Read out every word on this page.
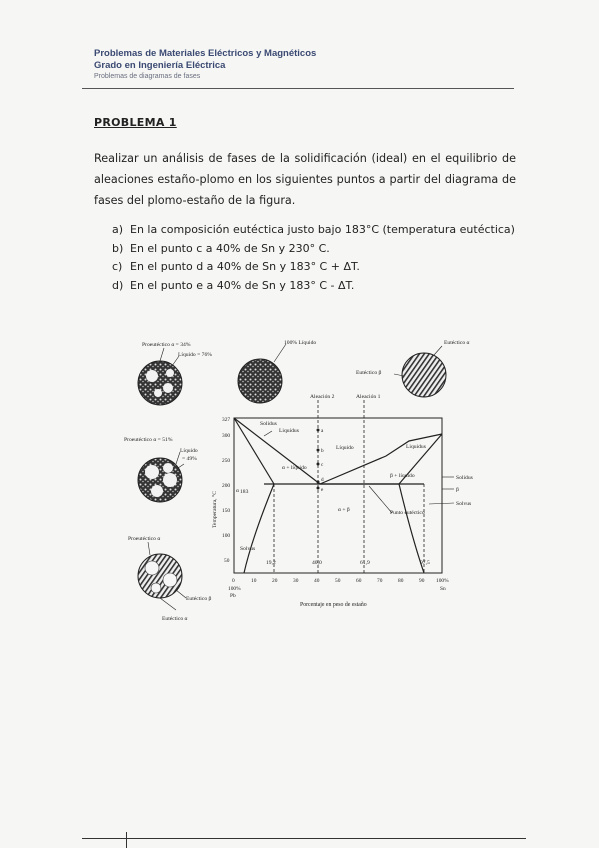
Problemas de Materiales Eléctricos y Magnéticos
Grado en Ingeniería Eléctrica
Problemas de diagramas de fases
PROBLEMA 1
Realizar un análisis de fases de la solidificación (ideal) en el equilibrio de aleaciones estaño-plomo en los siguientes puntos a partir del diagrama de fases del plomo-estaño de la figura.
a) En la composición eutéctica justo bajo 183°C (temperatura eutéctica)
b) En el punto c a 40% de Sn y 230° C.
c) En el punto d a 40% de Sn y 183° C + ΔT.
d) En el punto e a 40% de Sn y 183° C - ΔT.
Proeutéctico α = 34%
Líquido = 76%
100% Líquido	Eutéctico α
Eutéctico β
Proeutéctico α = 51%
Líquido
= 49%
Proeutéctico α
Eutéctico β
Eutéctico α
Aleación 2	Aleación 1
Solidus
Liquidus
Líquido	Liquidus
α + líquido
β + líquido
α + β	Punto eutéctico
Solvus
Solidus
β
Solvus
α
a
b
c
d
e
183
19,2	40,0	61,9	97,5
327
300
250
200
150
100
50
Temperatura, °C
0	10	20	30	40	50	60	70	80	90 100%
100%
Pb
Sn
Porcentaje en peso de estaño
